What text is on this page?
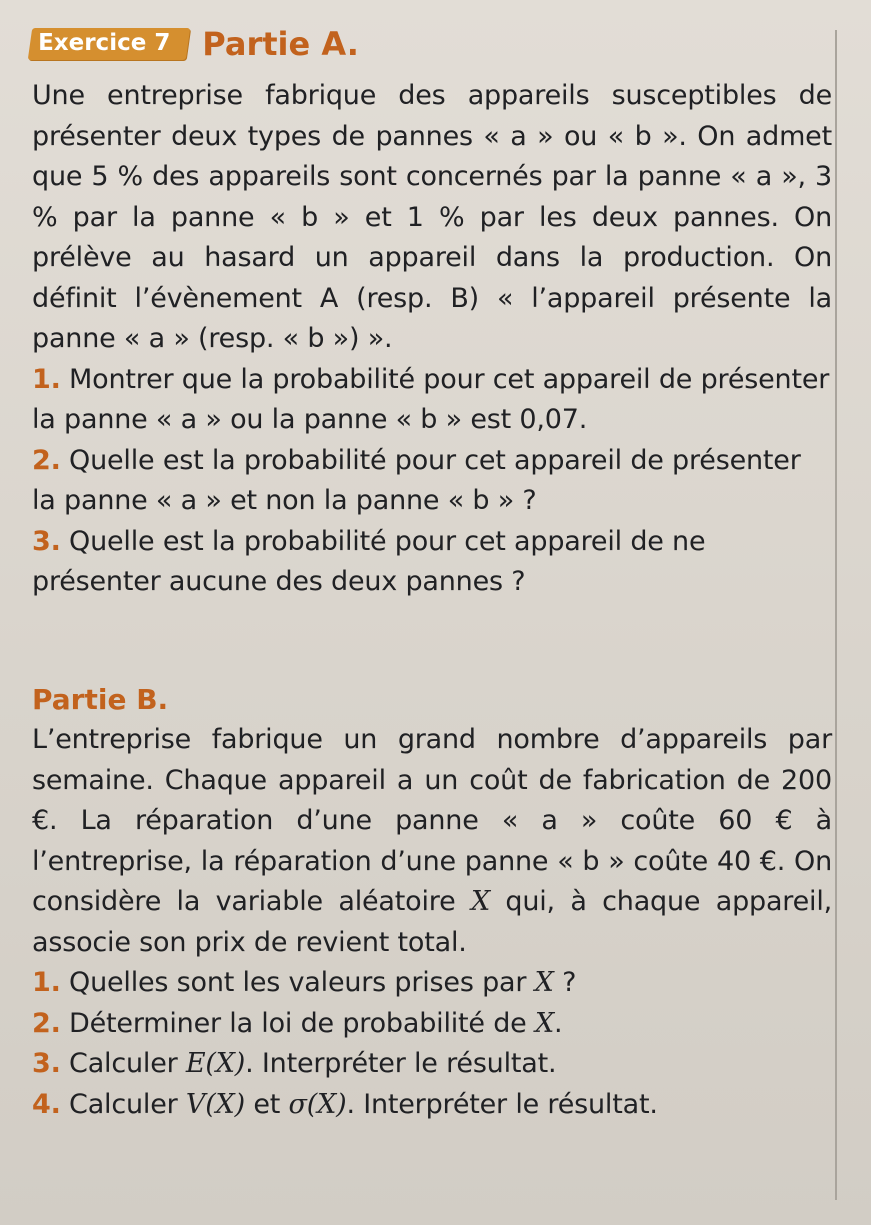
Exercice 7 Partie A.

Une entreprise fabrique des appareils susceptibles de présenter deux types de pannes « a » ou « b ». On admet que 5 % des appareils sont concernés par la panne « a », 3 % par la panne « b » et 1 % par les deux pannes. On prélève au hasard un appareil dans la production. On définit l’évènement A (resp. B) « l’appareil présente la panne « a » (resp. « b ») ».

1. Montrer que la probabilité pour cet appareil de présenter la panne « a » ou la panne « b » est 0,07.

2. Quelle est la probabilité pour cet appareil de présenter la panne « a » et non la panne « b » ?

3. Quelle est la probabilité pour cet appareil de ne présenter aucune des deux pannes ?

Partie B.

L’entreprise fabrique un grand nombre d’appareils par semaine. Chaque appareil a un coût de fabrication de 200 €. La réparation d’une panne « a » coûte 60 € à l’entreprise, la réparation d’une panne « b » coûte 40 €. On considère la variable aléatoire X qui, à chaque appareil, associe son prix de revient total.

1. Quelles sont les valeurs prises par X ?

2. Déterminer la loi de probabilité de X.

3. Calculer E(X). Interpréter le résultat.

4. Calculer V(X) et σ(X). Interpréter le résultat.
